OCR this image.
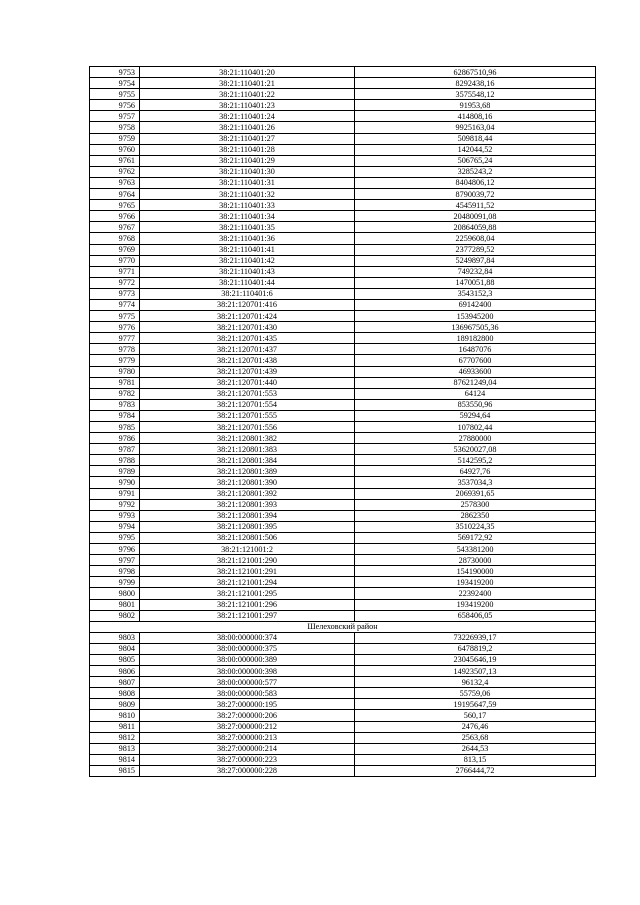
9753	38:21:110401:20	62867510,96
9754	38:21:110401:21	8292438,16
9755	38:21:110401:22	3575548,12
9756	38:21:110401:23	91953,68
9757	38:21:110401:24	414808,16
9758	38:21:110401:26	9925163,04
9759	38:21:110401:27	509818,44
9760	38:21:110401:28	142044,52
9761	38:21:110401:29	506765,24
9762	38:21:110401:30	3285243,2
9763	38:21:110401:31	8404806,12
9764	38:21:110401:32	8790039,72
9765	38:21:110401:33	4545911,52
9766	38:21:110401:34	20480091,08
9767	38:21:110401:35	20864059,88
9768	38:21:110401:36	2259608,04
9769	38:21:110401:41	2377289,52
9770	38:21:110401:42	5249897,84
9771	38:21:110401:43	749232,84
9772	38:21:110401:44	1470051,88
9773	38:21:110401:6	3543152,3
9774	38:21:120701:416	69142400
9775	38:21:120701:424	153945200
9776	38:21:120701:430	136967505,36
9777	38:21:120701:435	189182800
9778	38:21:120701:437	16487076
9779	38:21:120701:438	67707600
9780	38:21:120701:439	46933600
9781	38:21:120701:440	87621249,04
9782	38:21:120701:553	64124
9783	38:21:120701:554	853550,96
9784	38:21:120701:555	59294,64
9785	38:21:120701:556	107802,44
9786	38:21:120801:382	27880000
9787	38:21:120801:383	53620027,08
9788	38:21:120801:384	5142595,2
9789	38:21:120801:389	64927,76
9790	38:21:120801:390	3537034,3
9791	38:21:120801:392	2069391,65
9792	38:21:120801:393	2578300
9793	38:21:120801:394	2862350
9794	38:21:120801:395	3510224,35
9795	38:21:120801:506	569172,92
9796	38:21:121001:2	543381200
9797	38:21:121001:290	28730000
9798	38:21:121001:291	154190000
9799	38:21:121001:294	193419200
9800	38:21:121001:295	22392400
9801	38:21:121001:296	193419200
9802	38:21:121001:297	658406,05
Шелеховский район		
9803	38:00:000000:374	73226939,17
9804	38:00:000000:375	6478819,2
9805	38:00:000000:389	23045646,19
9806	38:00:000000:398	14923507,13
9807	38:00:000000:577	96132,4
9808	38:00:000000:583	55759,06
9809	38:27:000000:195	19195647,59
9810	38:27:000000:206	560,17
9811	38:27:000000:212	2476,46
9812	38:27:000000:213	2563,68
9813	38:27:000000:214	2644,53
9814	38:27:000000:223	813,15
9815	38:27:000000:228	2766444,72
